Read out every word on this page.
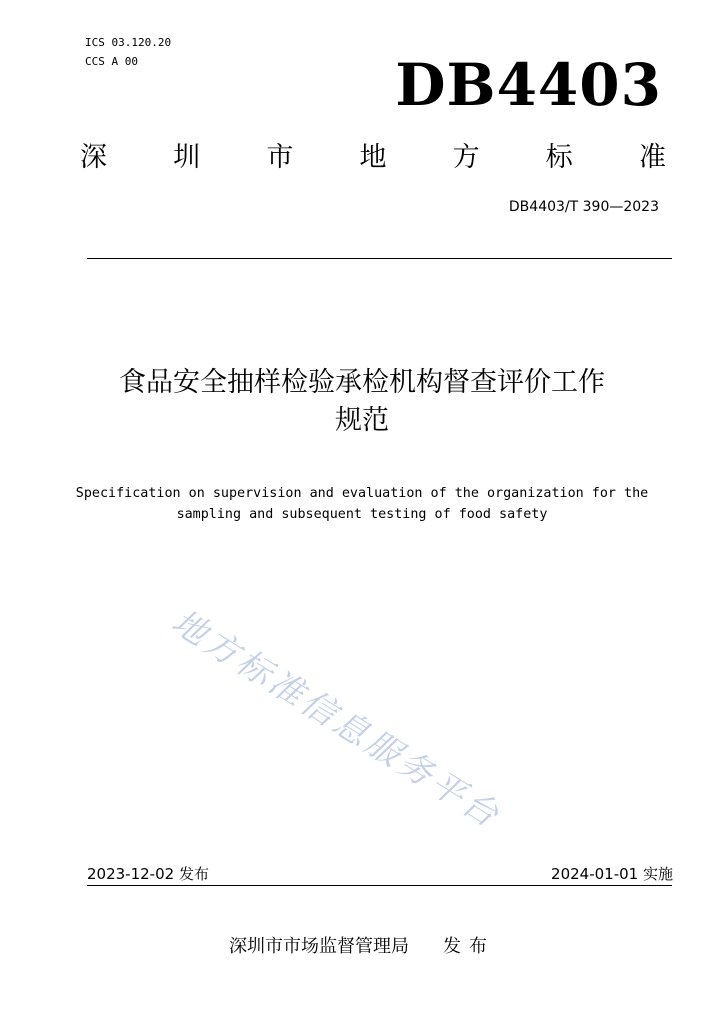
ICS 03.120.20
CCS A 00	DB4403
深 圳 市 地 方 标 准
DB4403/T 390—2023
食品安全抽样检验承检机构督查评价工作
规范
Specification on supervision and evaluation of the organization for the
sampling and subsequent testing of food safety
地方标准信息服务平台
2023-12-02 发布	2024-01-01 实施
深圳市市场监督管理局 发布
